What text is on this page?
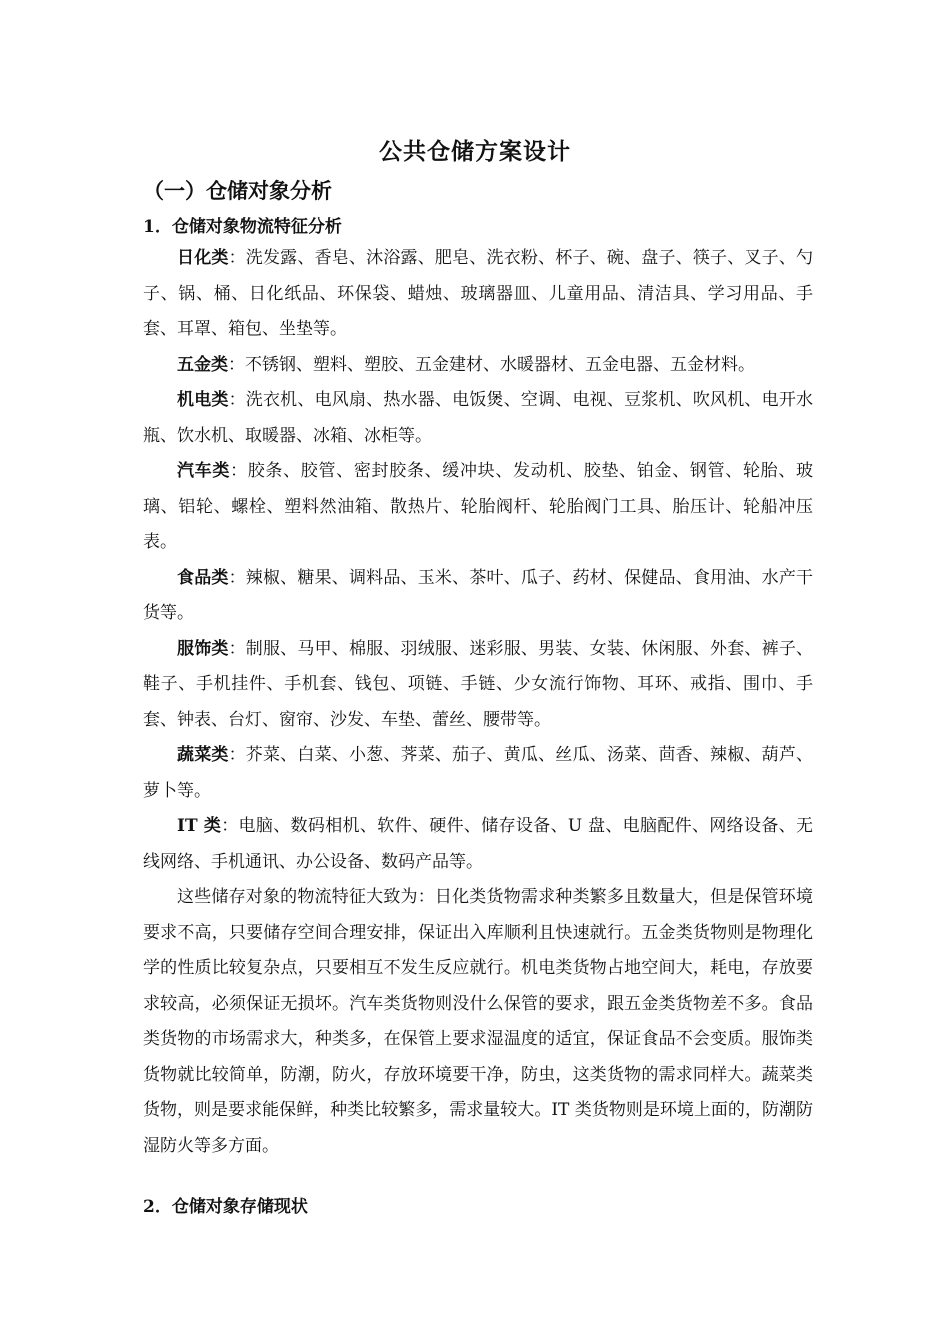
公共仓储方案设计
（一）仓储对象分析
1．仓储对象物流特征分析

日化类：洗发露、香皂、沐浴露、肥皂、洗衣粉、杯子、碗、盘子、筷子、叉子、勺子、锅、桶、日化纸品、环保袋、蜡烛、玻璃器皿、儿童用品、清洁具、学习用品、手套、耳罩、箱包、坐垫等。

五金类：不锈钢、塑料、塑胶、五金建材、水暖器材、五金电器、五金材料。

机电类：洗衣机、电风扇、热水器、电饭煲、空调、电视、豆浆机、吹风机、电开水瓶、饮水机、取暖器、冰箱、冰柜等。

汽车类：胶条、胶管、密封胶条、缓冲块、发动机、胶垫、铂金、钢管、轮胎、玻璃、铝轮、螺栓、塑料然油箱、散热片、轮胎阀杆、轮胎阀门工具、胎压计、轮船冲压表。

食品类：辣椒、糖果、调料品、玉米、茶叶、瓜子、药材、保健品、食用油、水产干货等。

服饰类：制服、马甲、棉服、羽绒服、迷彩服、男装、女装、休闲服、外套、裤子、鞋子、手机挂件、手机套、钱包、项链、手链、少女流行饰物、耳环、戒指、围巾、手套、钟表、台灯、窗帘、沙发、车垫、蕾丝、腰带等。

蔬菜类：芥菜、白菜、小葱、荠菜、茄子、黄瓜、丝瓜、汤菜、茴香、辣椒、葫芦、萝卜等。

IT 类：电脑、数码相机、软件、硬件、储存设备、U 盘、电脑配件、网络设备、无线网络、手机通讯、办公设备、数码产品等。

这些储存对象的物流特征大致为：日化类货物需求种类繁多且数量大，但是保管环境要求不高，只要储存空间合理安排，保证出入库顺利且快速就行。五金类货物则是物理化学的性质比较复杂点，只要相互不发生反应就行。机电类货物占地空间大，耗电，存放要求较高，必须保证无损坏。汽车类货物则没什么保管的要求，跟五金类货物差不多。食品类货物的市场需求大，种类多，在保管上要求湿温度的适宜，保证食品不会变质。服饰类货物就比较简单，防潮，防火，存放环境要干净，防虫，这类货物的需求同样大。蔬菜类货物，则是要求能保鲜，种类比较繁多，需求量较大。IT 类货物则是环境上面的，防潮防湿防火等多方面。

2．仓储对象存储现状
